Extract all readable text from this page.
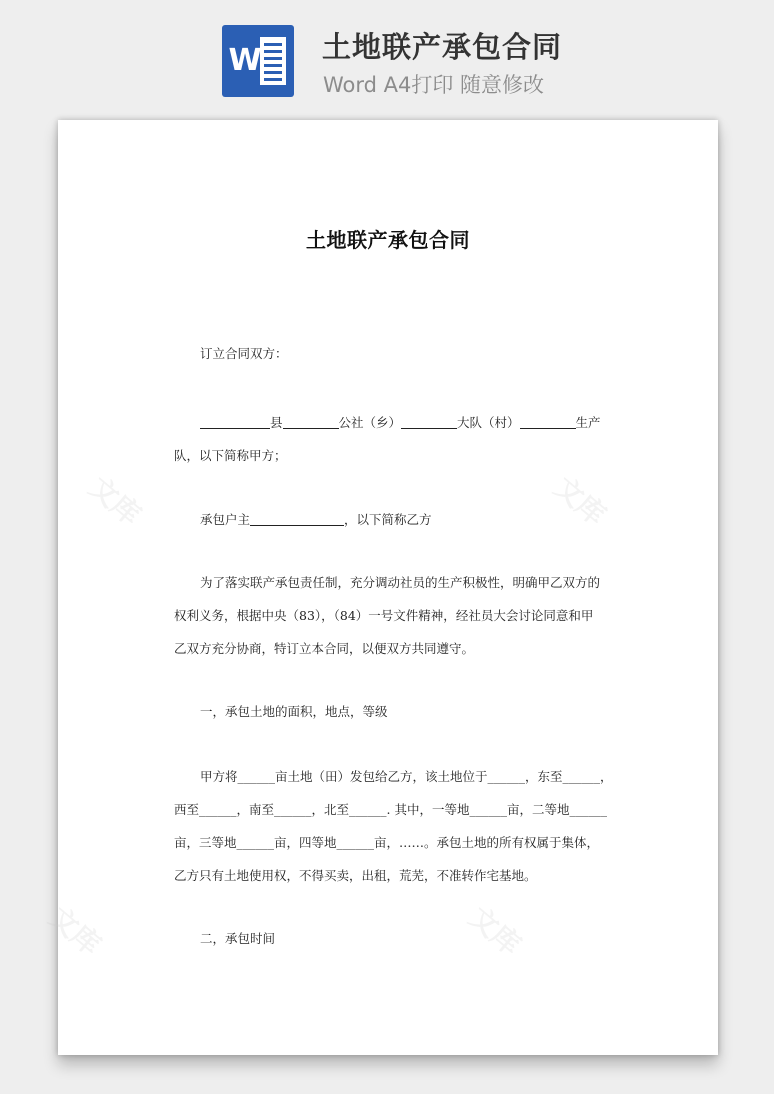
W 土地联产承包合同
Word A4打印 随意修改
文库	文库
文库	文库
土地联产承包合同
订立合同双方：
县	公社（乡）	大队（村）	生产
队，以下简称甲方；
承包户主	，以下简称乙方
为了落实联产承包责任制，充分调动社员的生产积极性，明确甲乙双方的
权利义务，根据中央（83），（84）一号文件精神，经社员大会讨论同意和甲
乙双方充分协商，特订立本合同，以便双方共同遵守。
一，承包土地的面积，地点，等级
甲方将______亩土地（田）发包给乙方，该土地位于______，东至______，
西至______，南至______，北至______. 其中，一等地______亩，二等地______
亩，三等地______亩，四等地______亩，……。承包土地的所有权属于集体，
乙方只有土地使用权，不得买卖，出租，荒芜，不准转作宅基地。
二，承包时间
